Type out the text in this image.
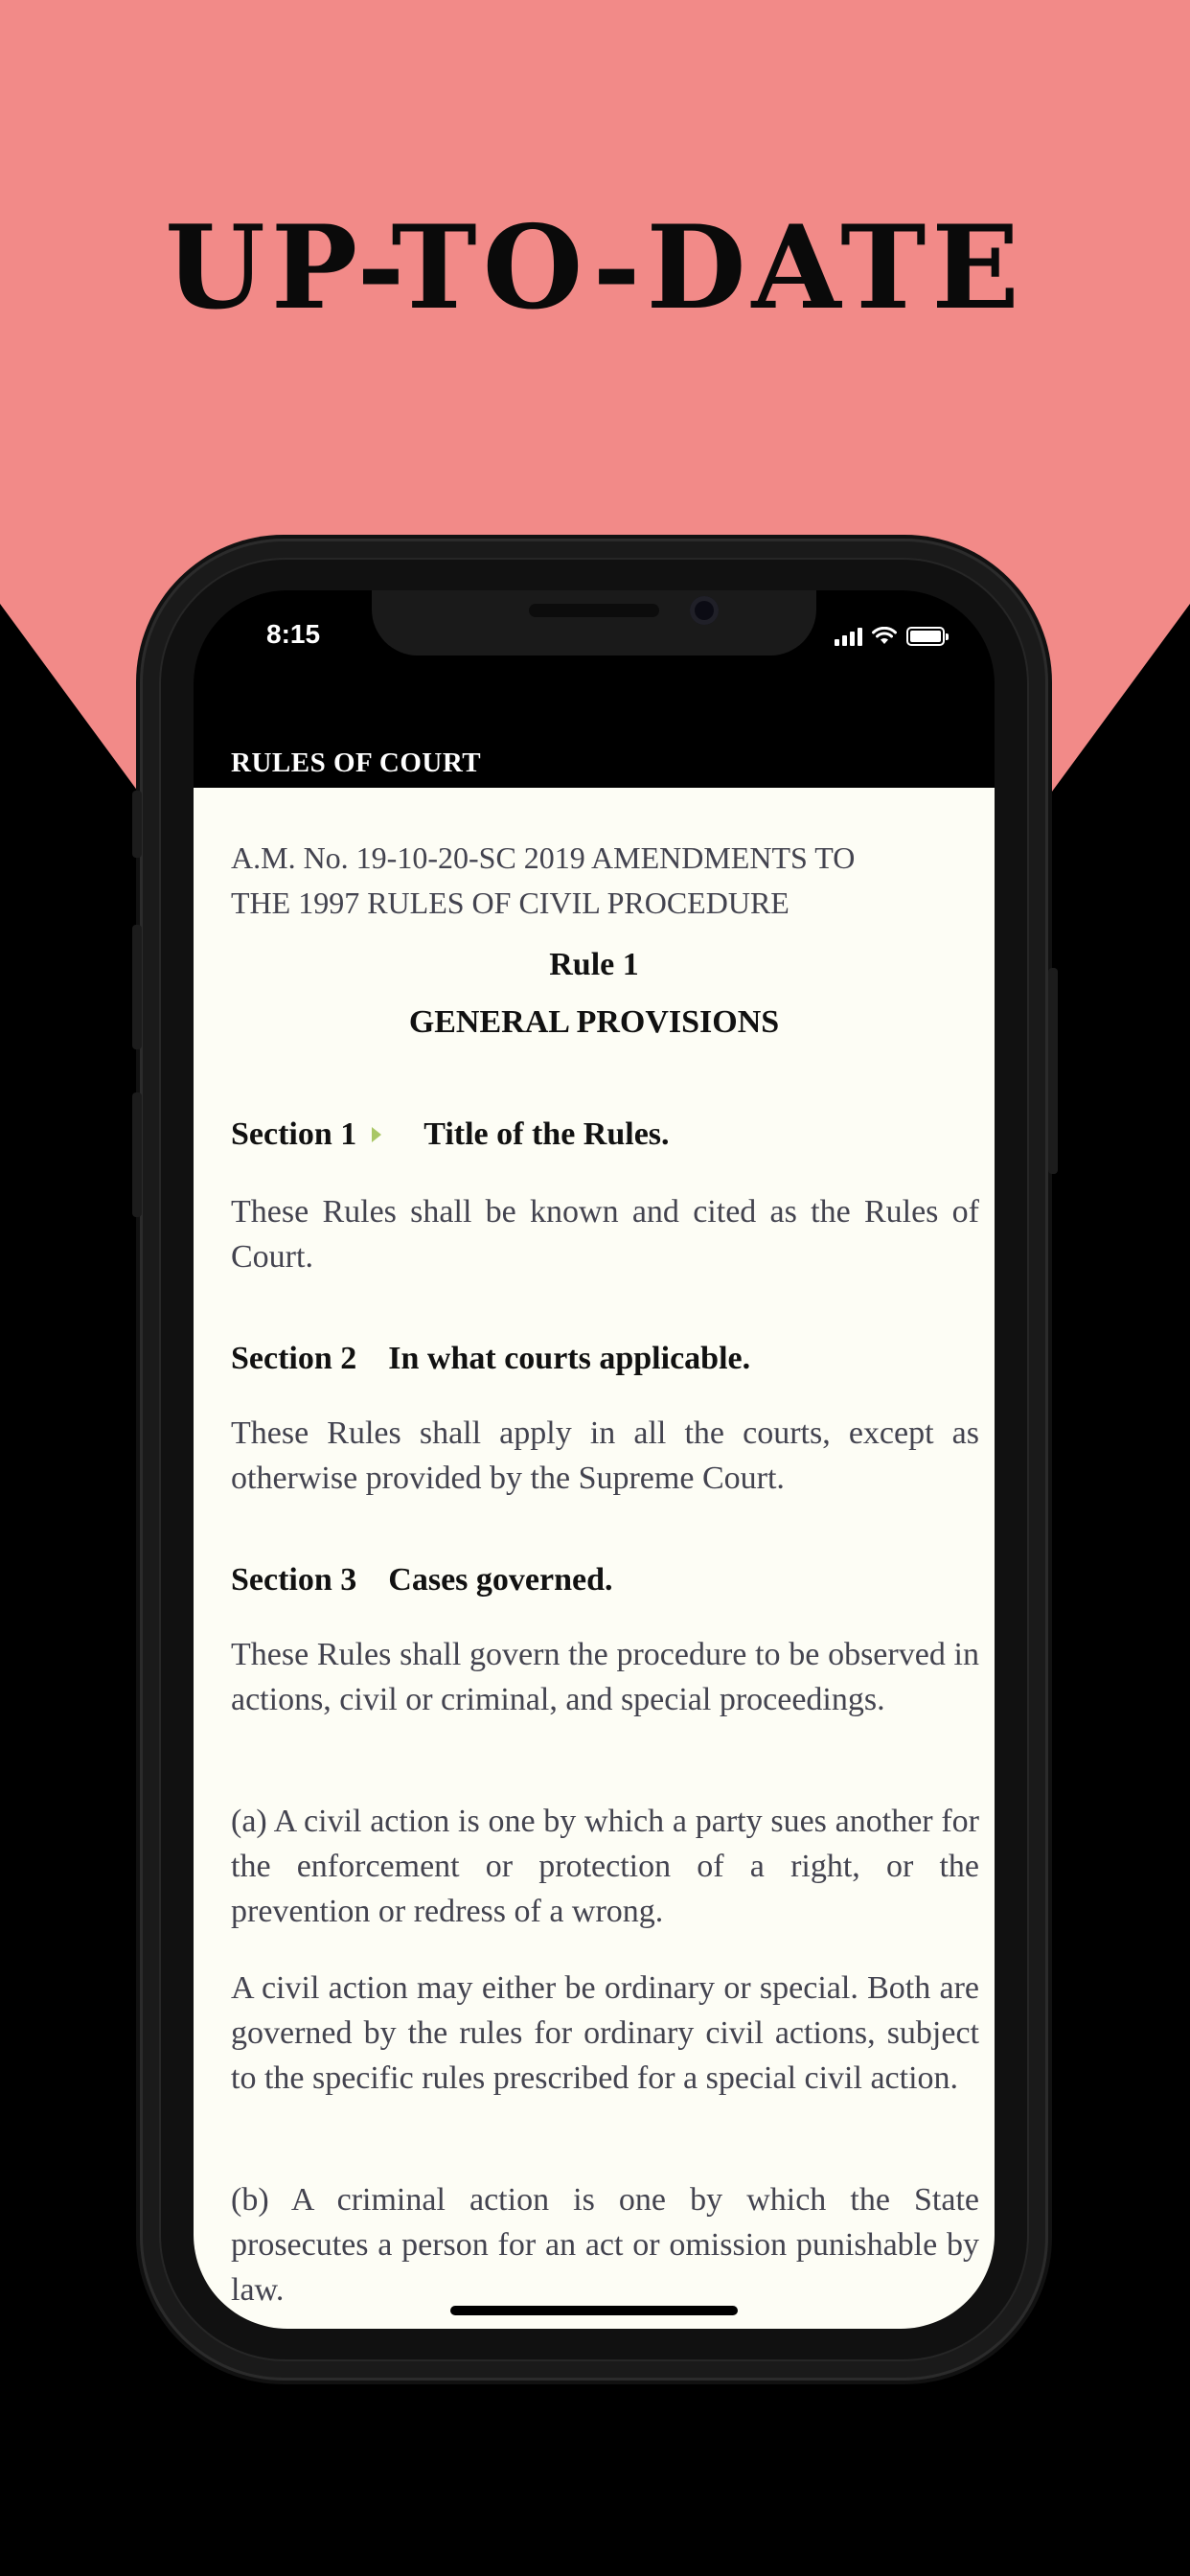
UP-TO-DATE
8:15
RULES OF COURT
A.M. No. 19-10-20-SC 2019 AMENDMENTS TO
THE 1997 RULES OF CIVIL PROCEDURE
Rule 1
GENERAL PROVISIONS
Section 1 Title of the Rules.
These Rules shall be known and cited as the Rules of Court.
Section 2 In what courts applicable.
These Rules shall apply in all the courts, except as otherwise provided by the Supreme Court.
Section 3 Cases governed.
These Rules shall govern the procedure to be observed in actions, civil or criminal, and special proceedings.
(a) A civil action is one by which a party sues another for the enforcement or protection of a right, or the prevention or redress of a wrong.
A civil action may either be ordinary or special. Both are governed by the rules for ordinary civil actions, subject to the specific rules prescribed for a special civil action.
(b) A criminal action is one by which the State prosecutes a person for an act or omission punishable by law.
